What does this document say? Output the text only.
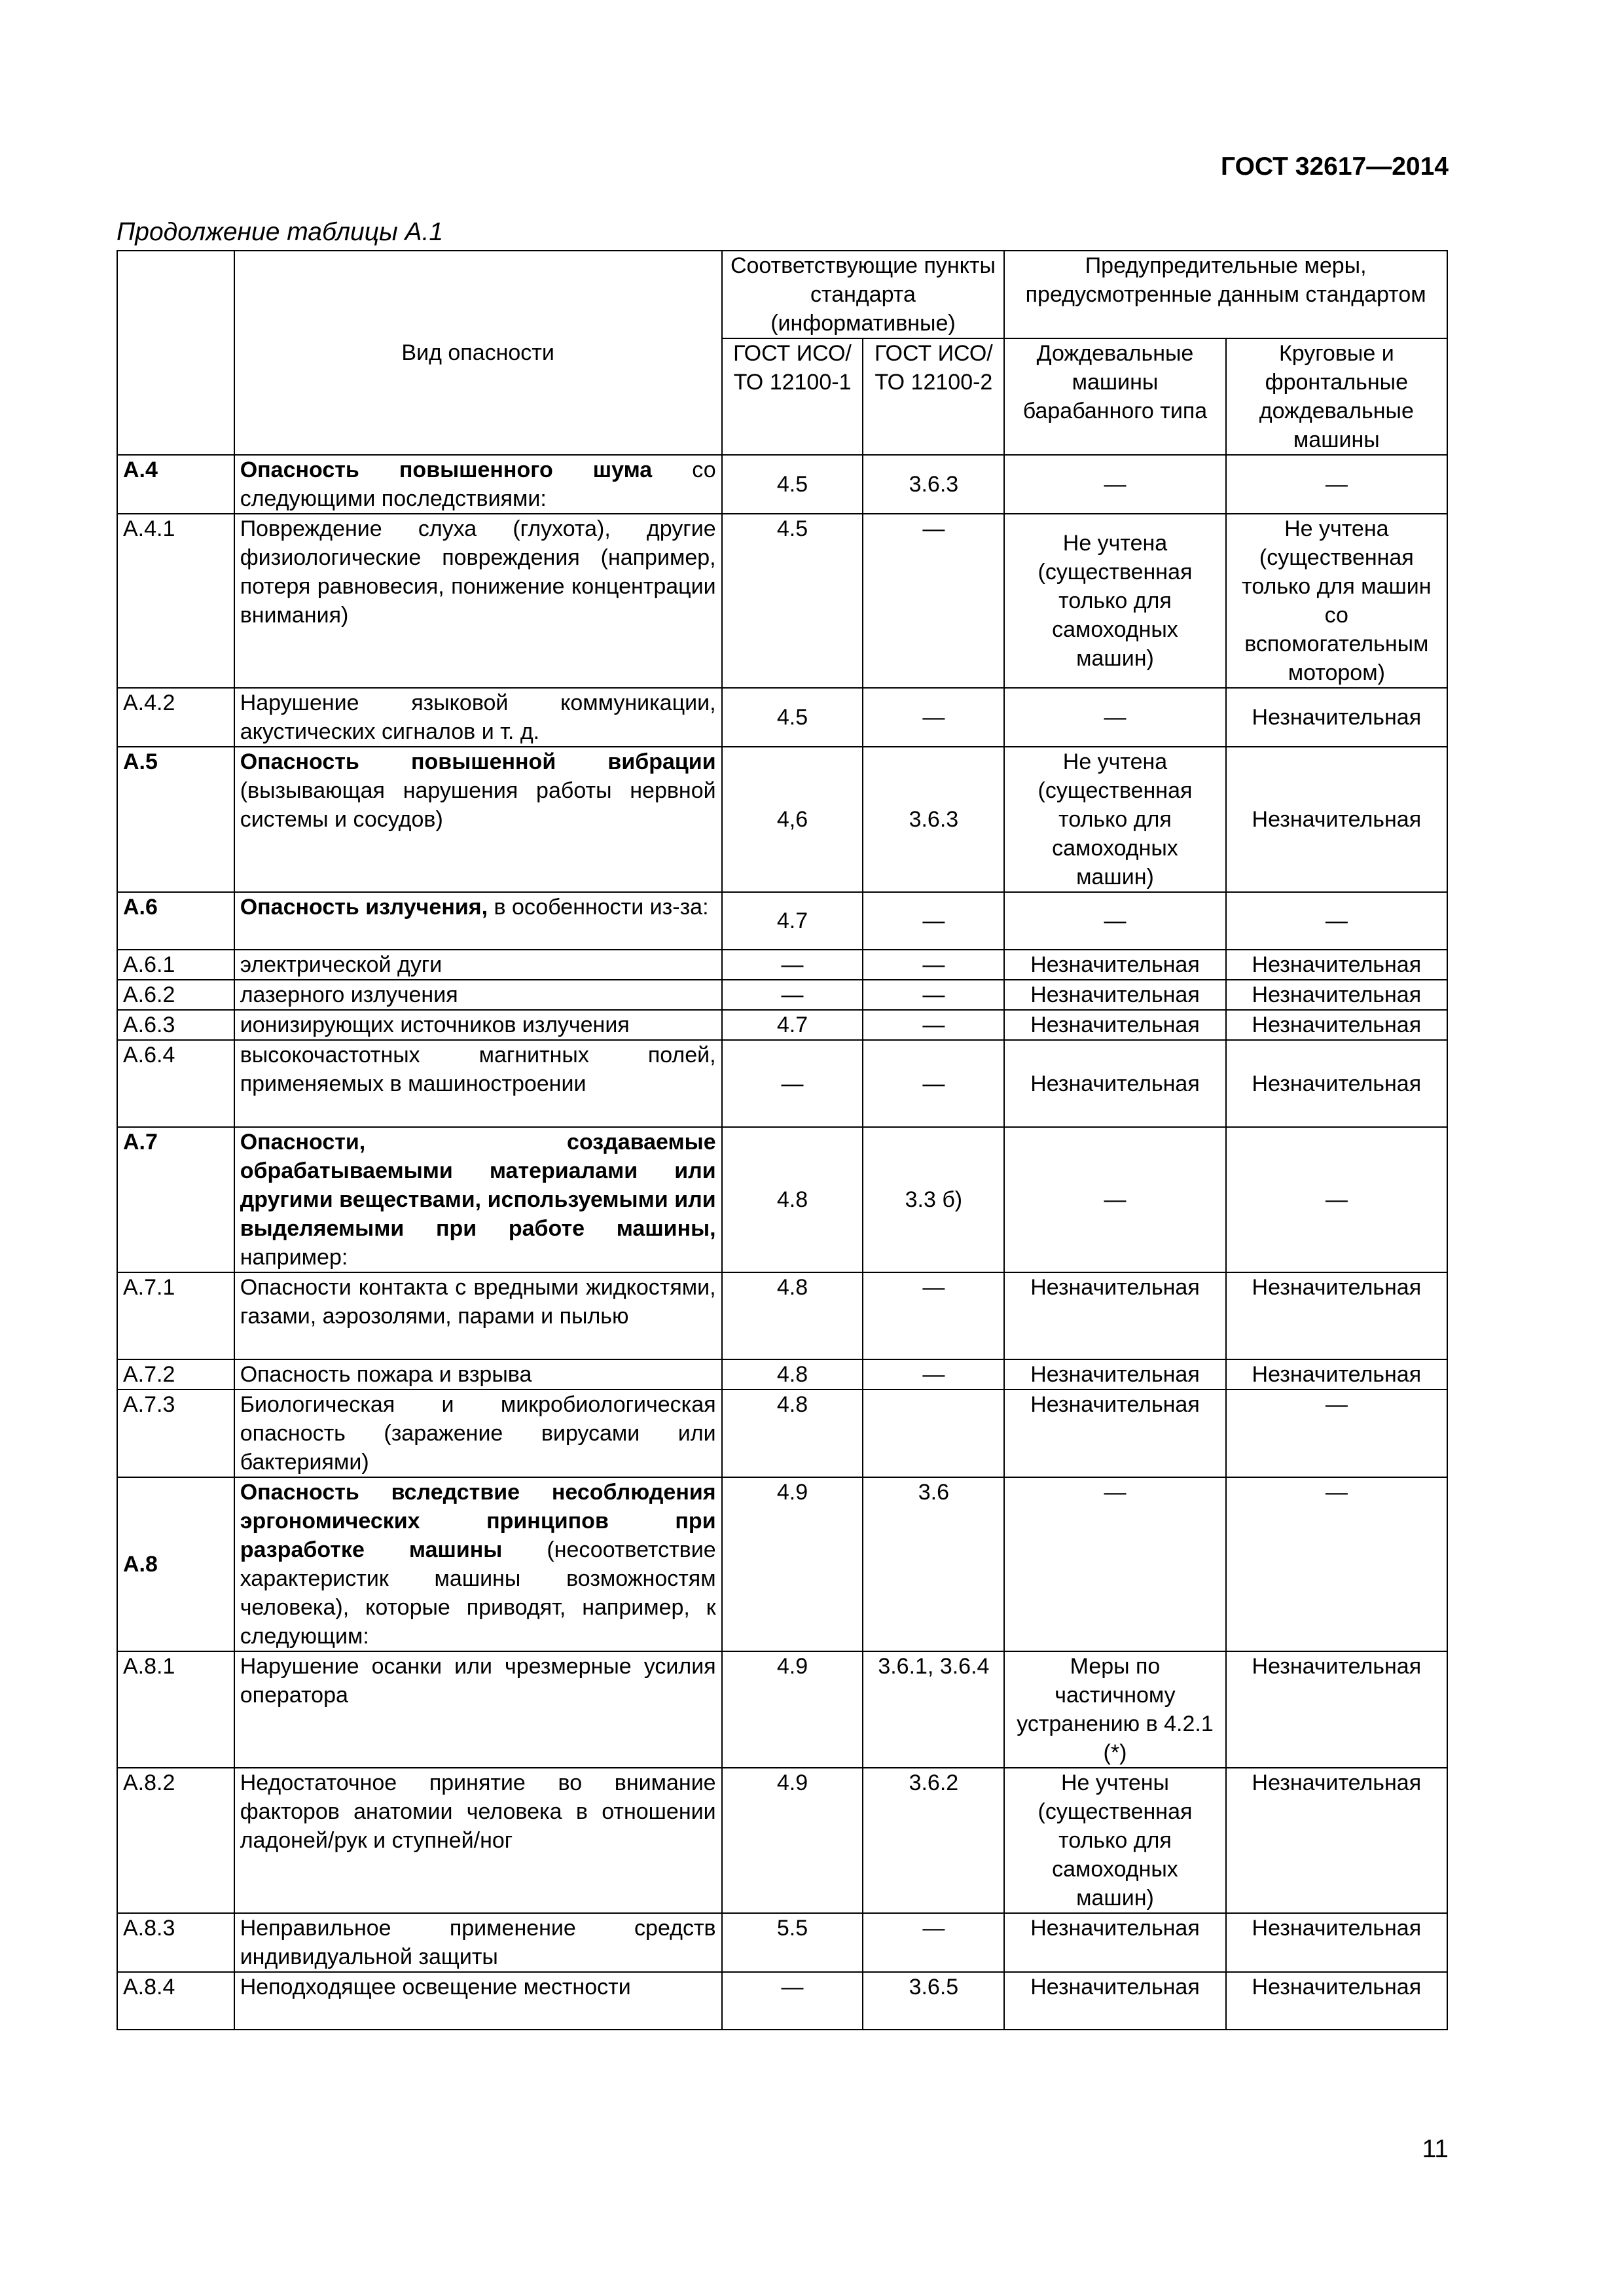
ГОСТ 32617—2014
Продолжение таблицы А.1
	Вид опасности	Соответствующие пункты стандарта (информативные)		Предупредительные меры, предусмотренные данным стандартом	
		ГОСТ ИСО/ТО 12100-1	ГОСТ ИСО/ТО 12100-2	Дождевальные машины барабанного типа	Круговые и фронтальные дождевальные машины
А.4	Опасность повышенного шума со следующими последствиями:	4.5	3.6.3	—	—
А.4.1	Повреждение слуха (глухота), другие физиологические повреждения (например, потеря равновесия, понижение концентрации внимания)	4.5	—	Не учтена (существенная только для самоходных машин)	Не учтена (существенная только для машин со вспомогательным мотором)
А.4.2	Нарушение языковой коммуникации, акустических сигналов и т. д.	4.5	—	—	Незначительная
А.5	Опасность повышенной вибрации (вызывающая нарушения работы нервной системы и сосудов)	4,6	3.6.3	Не учтена (существенная только для самоходных машин)	Незначительная
А.6	Опасность излучения, в особенности из-за:	4.7	—	—	—
А.6.1	электрической дуги	—	—	Незначительная	Незначительная
А.6.2	лазерного излучения	—	—	Незначительная	Незначительная
А.6.3	ионизирующих источников излучения	4.7	—	Незначительная	Незначительная
А.6.4	высокочастотных магнитных полей, применяемых в машиностроении	—	—	Незначительная	Незначительная
А.7	Опасности, создаваемые обрабатываемыми материалами или другими веществами, используемыми или выделяемыми при работе машины, например:	4.8	3.3 б)	—	—
А.7.1	Опасности контакта с вредными жидкостями, газами, аэрозолями, парами и пылью	4.8	—	Незначительная	Незначительная
А.7.2	Опасность пожара и взрыва	4.8	—	Незначительная	Незначительная
А.7.3	Биологическая и микробиологическая опасность (заражение вирусами или бактериями)	4.8		Незначительная	—
А.8	Опасность вследствие несоблюдения эргономических принципов при разработке машины (несоответствие характеристик машины возможностям человека), которые приводят, например, к следующим:	4.9	3.6	—	—
А.8.1	Нарушение осанки или чрезмерные усилия оператора	4.9	3.6.1, 3.6.4	Меры по частичному устранению в 4.2.1 (*)	Незначительная
А.8.2	Недостаточное принятие во внимание факторов анатомии человека в отношении ладоней/рук и ступней/ног	4.9	3.6.2	Не учтены (существенная только для самоходных машин)	Незначительная
А.8.3	Неправильное применение средств индивидуальной защиты	5.5	—	Незначительная	Незначительная
А.8.4	Неподходящее освещение местности	—	3.6.5	Незначительная	Незначительная
11
